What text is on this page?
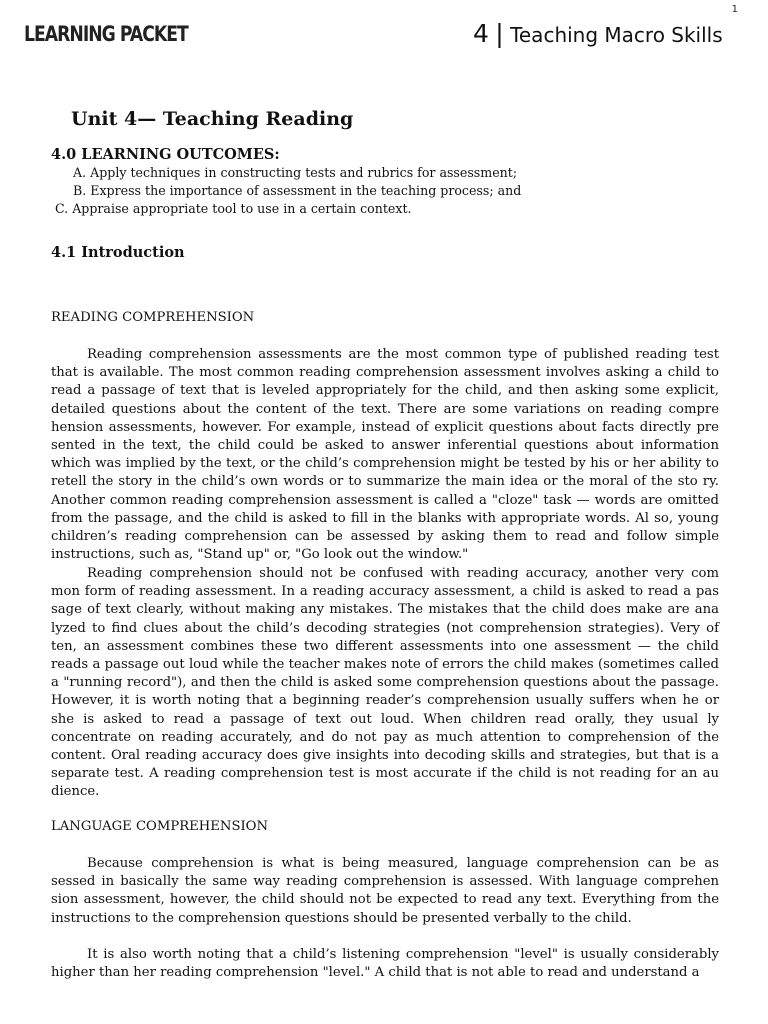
1
LEARNING PACKET	4 | Teaching Macro Skills
Unit 4— Teaching Reading
4.0 LEARNING OUTCOMES:
A. Apply techniques in constructing tests and rubrics for assessment;
B. Express the importance of assessment in the teaching process; and
C. Appraise appropriate tool to use in a certain context.
4.1 Introduction
READING COMPREHENSION
Reading comprehension assessments are the most common type of published reading test that is available. The most common reading comprehension assessment involves asking a child to read a passage of text that is leveled appropriately for the child, and then asking some explicit, detailed questions about the content of the text. There are some variations on reading compre hension assessments, however. For example, instead of explicit questions about facts directly pre sented in the text, the child could be asked to answer inferential questions about information which was implied by the text, or the child’s comprehension might be tested by his or her ability to retell the story in the child’s own words or to summarize the main idea or the moral of the sto ry. Another common reading comprehension assessment is called a "cloze" task — words are omitted from the passage, and the child is asked to fill in the blanks with appropriate words. Al so, young children’s reading comprehension can be assessed by asking them to read and follow simple instructions, such as, "Stand up" or, "Go look out the window."
Reading comprehension should not be confused with reading accuracy, another very com mon form of reading assessment. In a reading accuracy assessment, a child is asked to read a pas sage of text clearly, without making any mistakes. The mistakes that the child does make are ana lyzed to find clues about the child’s decoding strategies (not comprehension strategies). Very of ten, an assessment combines these two different assessments into one assessment — the child reads a passage out loud while the teacher makes note of errors the child makes (sometimes called a "running record"), and then the child is asked some comprehension questions about the passage. However, it is worth noting that a beginning reader’s comprehension usually suffers when he or she is asked to read a passage of text out loud. When children read orally, they usual ly concentrate on reading accurately, and do not pay as much attention to comprehension of the content. Oral reading accuracy does give insights into decoding skills and strategies, but that is a separate test. A reading comprehension test is most accurate if the child is not reading for an au dience.
LANGUAGE COMPREHENSION
Because comprehension is what is being measured, language comprehension can be as sessed in basically the same way reading comprehension is assessed. With language comprehen sion assessment, however, the child should not be expected to read any text. Everything from the instructions to the comprehension questions should be presented verbally to the child.
It is also worth noting that a child’s listening comprehension "level" is usually considerably higher than her reading comprehension "level." A child that is not able to read and understand a
